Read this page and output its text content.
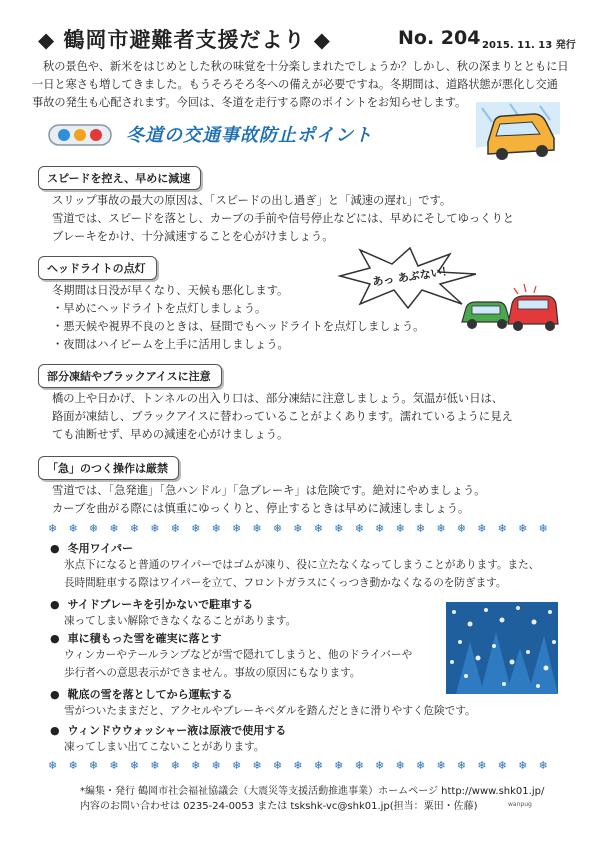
◆ 鶴岡市避難者支援だより ◆	No. 204 2015. 11. 13 発行
秋の景色や、新米をはじめとした秋の味覚を十分楽しまれたでしょうか？しかし、秋の深まりとともに日
一日と寒さも増してきました。もうそろそろ冬への備えが必要ですね。冬期間は、道路状態が悪化し交通
事故の発生も心配されます。今回は、冬道を走行する際のポイントをお知らせします。
冬道の交通事故防止ポイント
スピードを控え、早めに減速
スリップ事故の最大の原因は、「スピードの出し過ぎ」と「減速の遅れ」です。
雪道では、スピードを落とし、カーブの手前や信号停止などには、早めにそしてゆっくりと
ブレーキをかけ、十分減速することを心がけましょう。
ヘッドライトの点灯
冬期間は日没が早くなり、天候も悪化します。
・早めにヘッドライトを点灯しましょう。
・悪天候や視界不良のときは、昼間でもヘッドライトを点灯しましょう。
・夜間はハイビームを上手に活用しましょう。
あっ あぶない！
部分凍結やブラックアイスに注意
橋の上や日かげ、トンネルの出入り口は、部分凍結に注意しましょう。気温が低い日は、
路面が凍結し、ブラックアイスに替わっていることがよくあります。濡れているように見え
ても油断せず、早めの減速を心がけましょう。
「急」のつく操作は厳禁
雪道では、「急発進」「急ハンドル」「急ブレーキ」は危険です。絶対にやめましょう。
カーブを曲がる際には慎重にゆっくりと、停止するときは早めに減速しましょう。
❄ ❄ ❄ ❄ ❄ ❄ ❄ ❄ ❄ ❄ ❄ ❄ ❄ ❄ ❄ ❄ ❄ ❄ ❄ ❄ ❄ ❄ ❄ ❄ ❄
● 冬用ワイパー
氷点下になると普通のワイパーではゴムが凍り、役に立たなくなってしまうことがあります。また、
長時間駐車する際はワイパーを立て、フロントガラスにくっつき動かなくなるのを防ぎます。
● サイドブレーキを引かないで駐車する
凍ってしまい解除できなくなることがあります。
● 車に積もった雪を確実に落とす
ウィンカーやテールランプなどが雪で隠れてしまうと、他のドライバーや
歩行者への意思表示ができません。事故の原因にもなります。
● 靴底の雪を落としてから運転する
雪がついたままだと、アクセルやブレーキペダルを踏んだときに滑りやすく危険です。
● ウィンドウウォッシャー液は原液で使用する
凍ってしまい出てこないことがあります。
❄ ❄ ❄ ❄ ❄ ❄ ❄ ❄ ❄ ❄ ❄ ❄ ❄ ❄ ❄ ❄ ❄ ❄ ❄ ❄ ❄ ❄ ❄ ❄ ❄
*編集・発行 鶴岡市社会福祉協議会（大震災等支援活動推進事業）ホームページ http://www.shk01.jp/
内容のお問い合わせは 0235-24-0053 または tskshk-vc@shk01.jp(担当：粟田・佐藤)	wanpug
